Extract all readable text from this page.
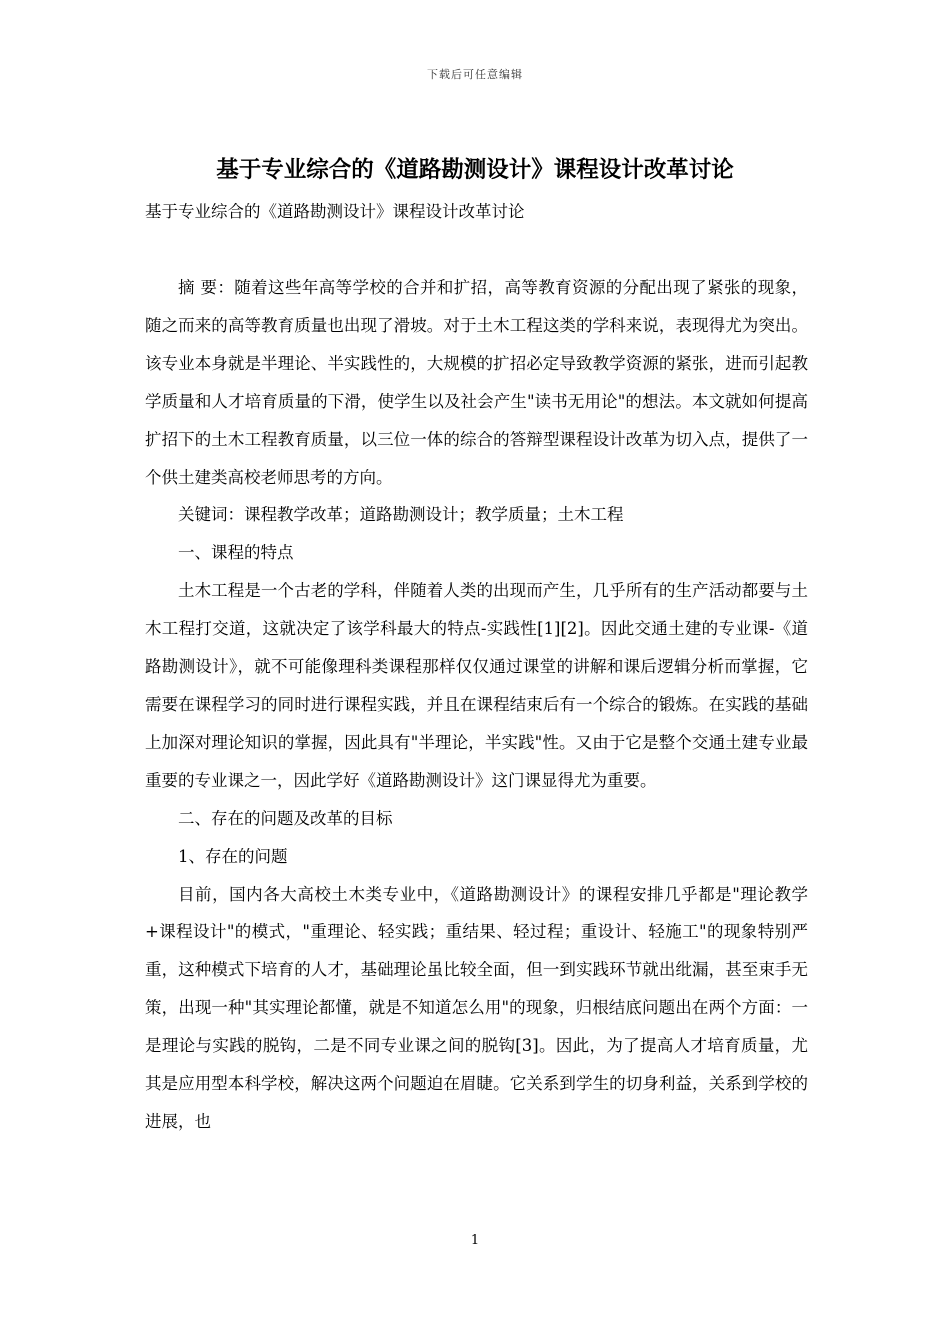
下载后可任意编辑
基于专业综合的《道路勘测设计》课程设计改革讨论

基于专业综合的《道路勘测设计》课程设计改革讨论

摘 要：随着这些年高等学校的合并和扩招，高等教育资源的分配出现了紧张的现象，随之而来的高等教育质量也出现了滑坡。对于土木工程这类的学科来说，表现得尤为突出。该专业本身就是半理论、半实践性的，大规模的扩招必定导致教学资源的紧张，进而引起教学质量和人才培育质量的下滑，使学生以及社会产生"读书无用论"的想法。本文就如何提高扩招下的土木工程教育质量，以三位一体的综合的答辩型课程设计改革为切入点，提供了一个供土建类高校老师思考的方向。

关键词：课程教学改革；道路勘测设计；教学质量；土木工程

一、课程的特点

土木工程是一个古老的学科，伴随着人类的出现而产生，几乎所有的生产活动都要与土木工程打交道，这就决定了该学科最大的特点-实践性[1][2]。因此交通土建的专业课-《道路勘测设计》，就不可能像理科类课程那样仅仅通过课堂的讲解和课后逻辑分析而掌握，它需要在课程学习的同时进行课程实践，并且在课程结束后有一个综合的锻炼。在实践的基础上加深对理论知识的掌握，因此具有"半理论，半实践"性。又由于它是整个交通土建专业最重要的专业课之一，因此学好《道路勘测设计》这门课显得尤为重要。

二、存在的问题及改革的目标

1、存在的问题

目前，国内各大高校土木类专业中，《道路勘测设计》的课程安排几乎都是"理论教学+课程设计"的模式，"重理论、轻实践；重结果、轻过程；重设计、轻施工"的现象特别严重，这种模式下培育的人才，基础理论虽比较全面，但一到实践环节就出纰漏，甚至束手无策，出现一种"其实理论都懂，就是不知道怎么用"的现象，归根结底问题出在两个方面：一是理论与实践的脱钩，二是不同专业课之间的脱钩[3]。因此，为了提高人才培育质量，尤其是应用型本科学校，解决这两个问题迫在眉睫。它关系到学生的切身利益，关系到学校的进展，也

1
